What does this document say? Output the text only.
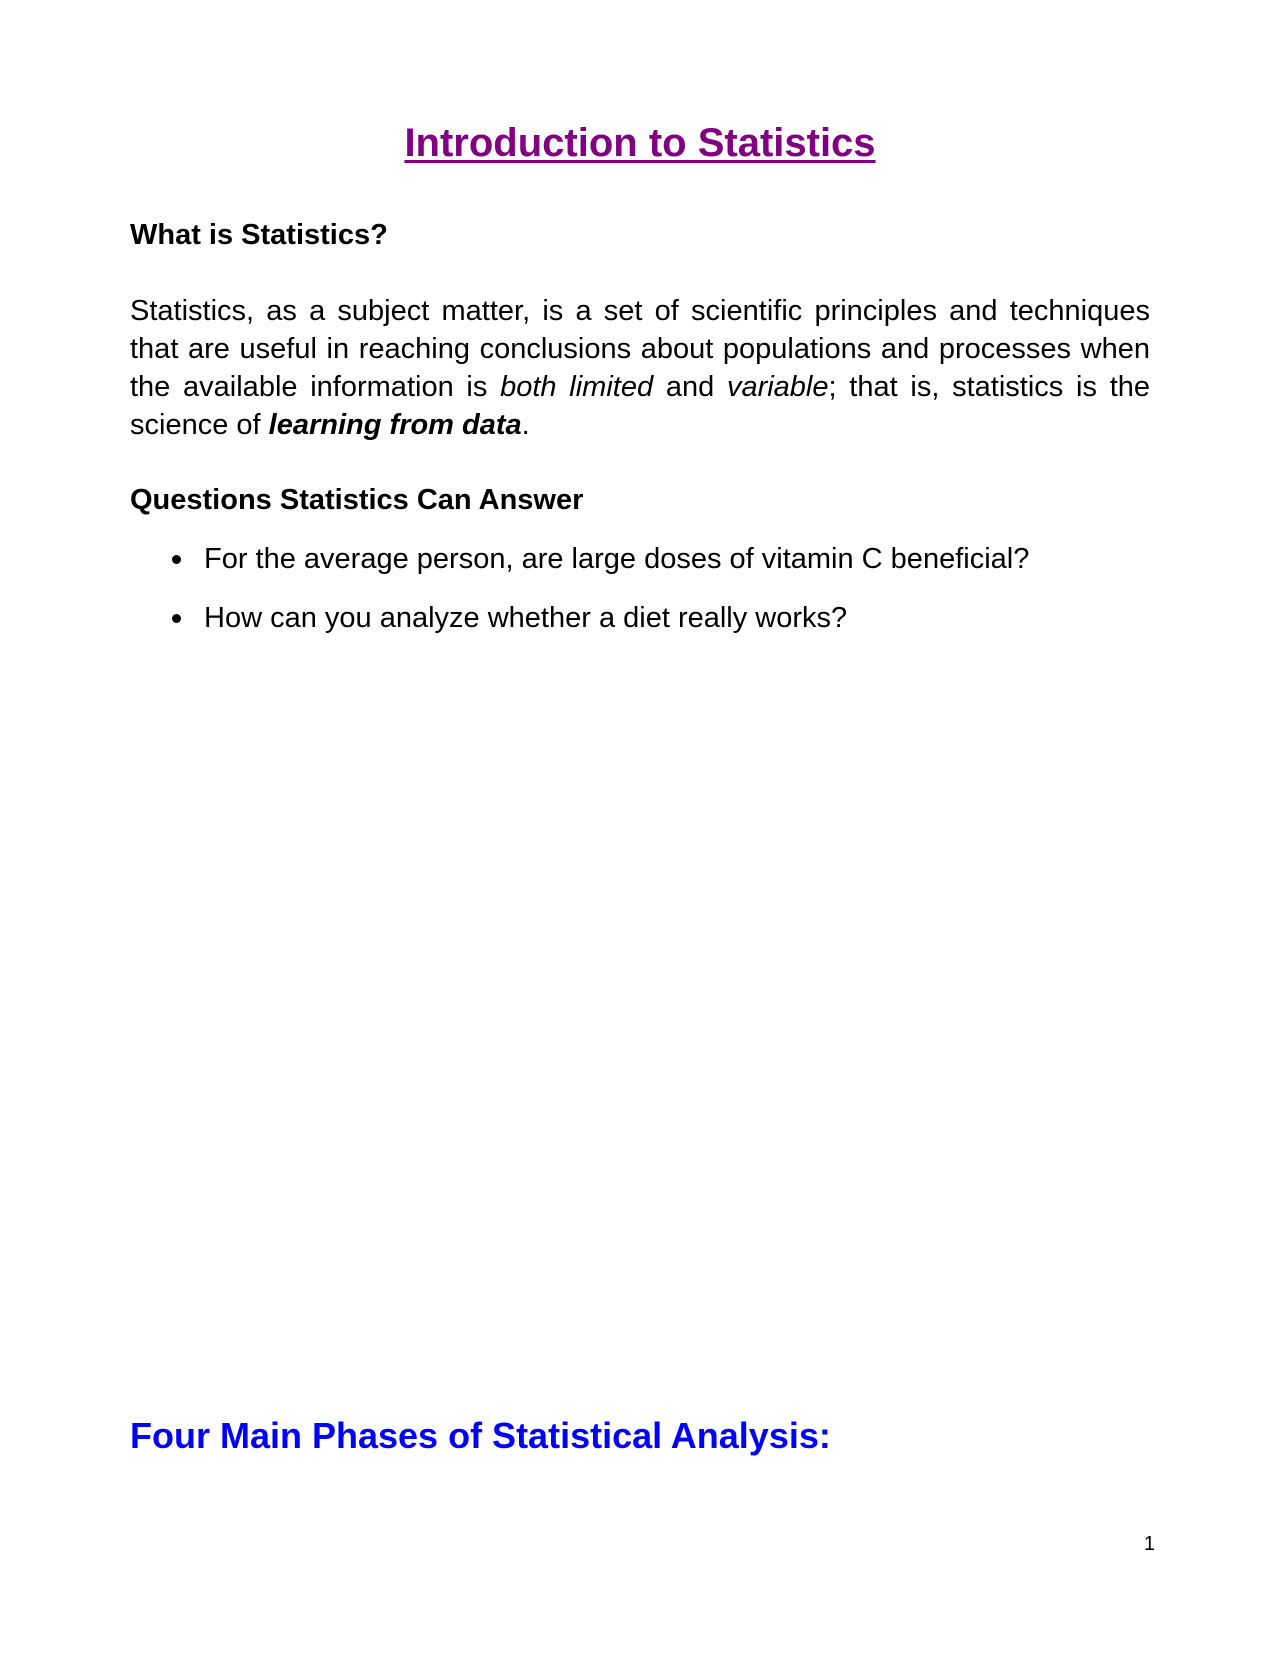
Introduction to Statistics
What is Statistics?

Statistics, as a subject matter, is a set of scientific principles and techniques that are useful in reaching conclusions about populations and processes when the available information is both limited and variable; that is, statistics is the science of learning from data.

Questions Statistics Can Answer
For the average person, are large doses of vitamin C beneficial?
How can you analyze whether a diet really works?
Four Main Phases of Statistical Analysis:
1
